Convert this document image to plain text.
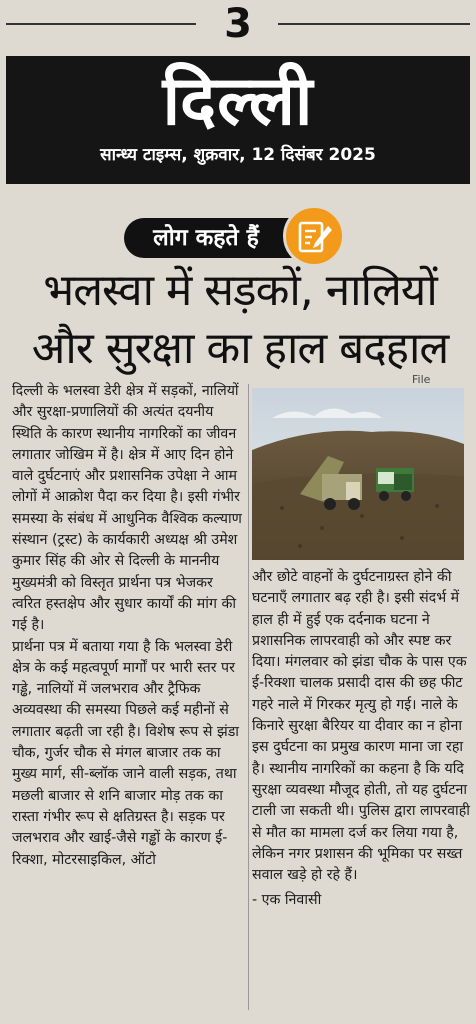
3
दिल्ली
सान्ध्य टाइम्स, शुक्रवार, 12 दिसंबर 2025
लोग कहते हैं
भलस्वा में सड़कों, नालियों
और सुरक्षा का हाल बदहाल
File

दिल्ली के भलस्वा डेरी क्षेत्र में सड़कों, नालियों और सुरक्षा-प्रणालियों की अत्यंत दयनीय स्थिति के कारण स्थानीय नागरिकों का जीवन लगातार जोखिम में है। क्षेत्र में आए दिन होने वाले दुर्घटनाएं और प्रशासनिक उपेक्षा ने आम लोगों में आक्रोश पैदा कर दिया है। इसी गंभीर समस्या के संबंध में आधुनिक वैश्विक कल्याण संस्थान (ट्रस्ट) के कार्यकारी अध्यक्ष श्री उमेश कुमार सिंह की ओर से दिल्ली के माननीय मुख्यमंत्री को विस्तृत प्रार्थना पत्र भेजकर त्वरित हस्तक्षेप और सुधार कार्यों की मांग की गई है।

प्रार्थना पत्र में बताया गया है कि भलस्वा डेरी क्षेत्र के कई महत्वपूर्ण मार्गों पर भारी स्तर पर गड्ढे, नालियों में जलभराव और ट्रैफिक अव्यवस्था की समस्या पिछले कई महीनों से लगातार बढ़ती जा रही है। विशेष रूप से झंडा चौक, गुर्जर चौक से मंगल बाजार तक का मुख्य मार्ग, सी-ब्लॉक जाने वाली सड़क, तथा मछली बाजार से शनि बाजार मोड़ तक का रास्ता गंभीर रूप से क्षतिग्रस्त है। सड़क पर जलभराव और खाई-जैसे गड्ढों के कारण ई-रिक्शा, मोटरसाइकिल, ऑटो

और छोटे वाहनों के दुर्घटनाग्रस्त होने की घटनाएँ लगातार बढ़ रही है। इसी संदर्भ में हाल ही में हुई एक दर्दनाक घटना ने प्रशासनिक लापरवाही को और स्पष्ट कर दिया। मंगलवार को झंडा चौक के पास एक ई-रिक्शा चालक प्रसादी दास की छह फीट गहरे नाले में गिरकर मृत्यु हो गई। नाले के किनारे सुरक्षा बैरियर या दीवार का न होना इस दुर्घटना का प्रमुख कारण माना जा रहा है। स्थानीय नागरिकों का कहना है कि यदि सुरक्षा व्यवस्था मौजूद होती, तो यह दुर्घटना टाली जा सकती थी। पुलिस द्वारा लापरवाही से मौत का मामला दर्ज कर लिया गया है, लेकिन नगर प्रशासन की भूमिका पर सख्त सवाल खड़े हो रहे हैं।

- एक निवासी
